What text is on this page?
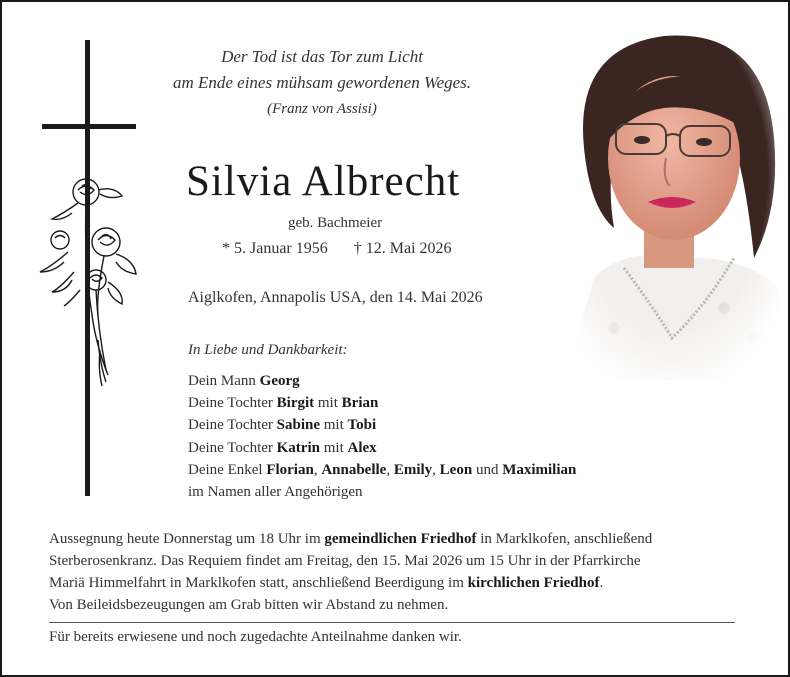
Der Tod ist das Tor zum Licht
am Ende eines mühsam gewordenen Weges.
(Franz von Assisi)
Silvia Albrecht
geb. Bachmeier
* 5. Januar 1956 † 12. Mai 2026
Aiglkofen, Annapolis USA, den 14. Mai 2026
In Liebe und Dankbarkeit:
Dein Mann Georg
Deine Tochter Birgit mit Brian
Deine Tochter Sabine mit Tobi
Deine Tochter Katrin mit Alex
Deine Enkel Florian, Annabelle, Emily, Leon und Maximilian
im Namen aller Angehörigen
Aussegnung heute Donnerstag um 18 Uhr im gemeindlichen Friedhof in Marklkofen, anschließend
Sterberosenkranz. Das Requiem findet am Freitag, den 15. Mai 2026 um 15 Uhr in der Pfarrkirche
Mariä Himmelfahrt in Marklkofen statt, anschließend Beerdigung im kirchlichen Friedhof.
Von Beileidsbezeugungen am Grab bitten wir Abstand zu nehmen.
Für bereits erwiesene und noch zugedachte Anteilnahme danken wir.
